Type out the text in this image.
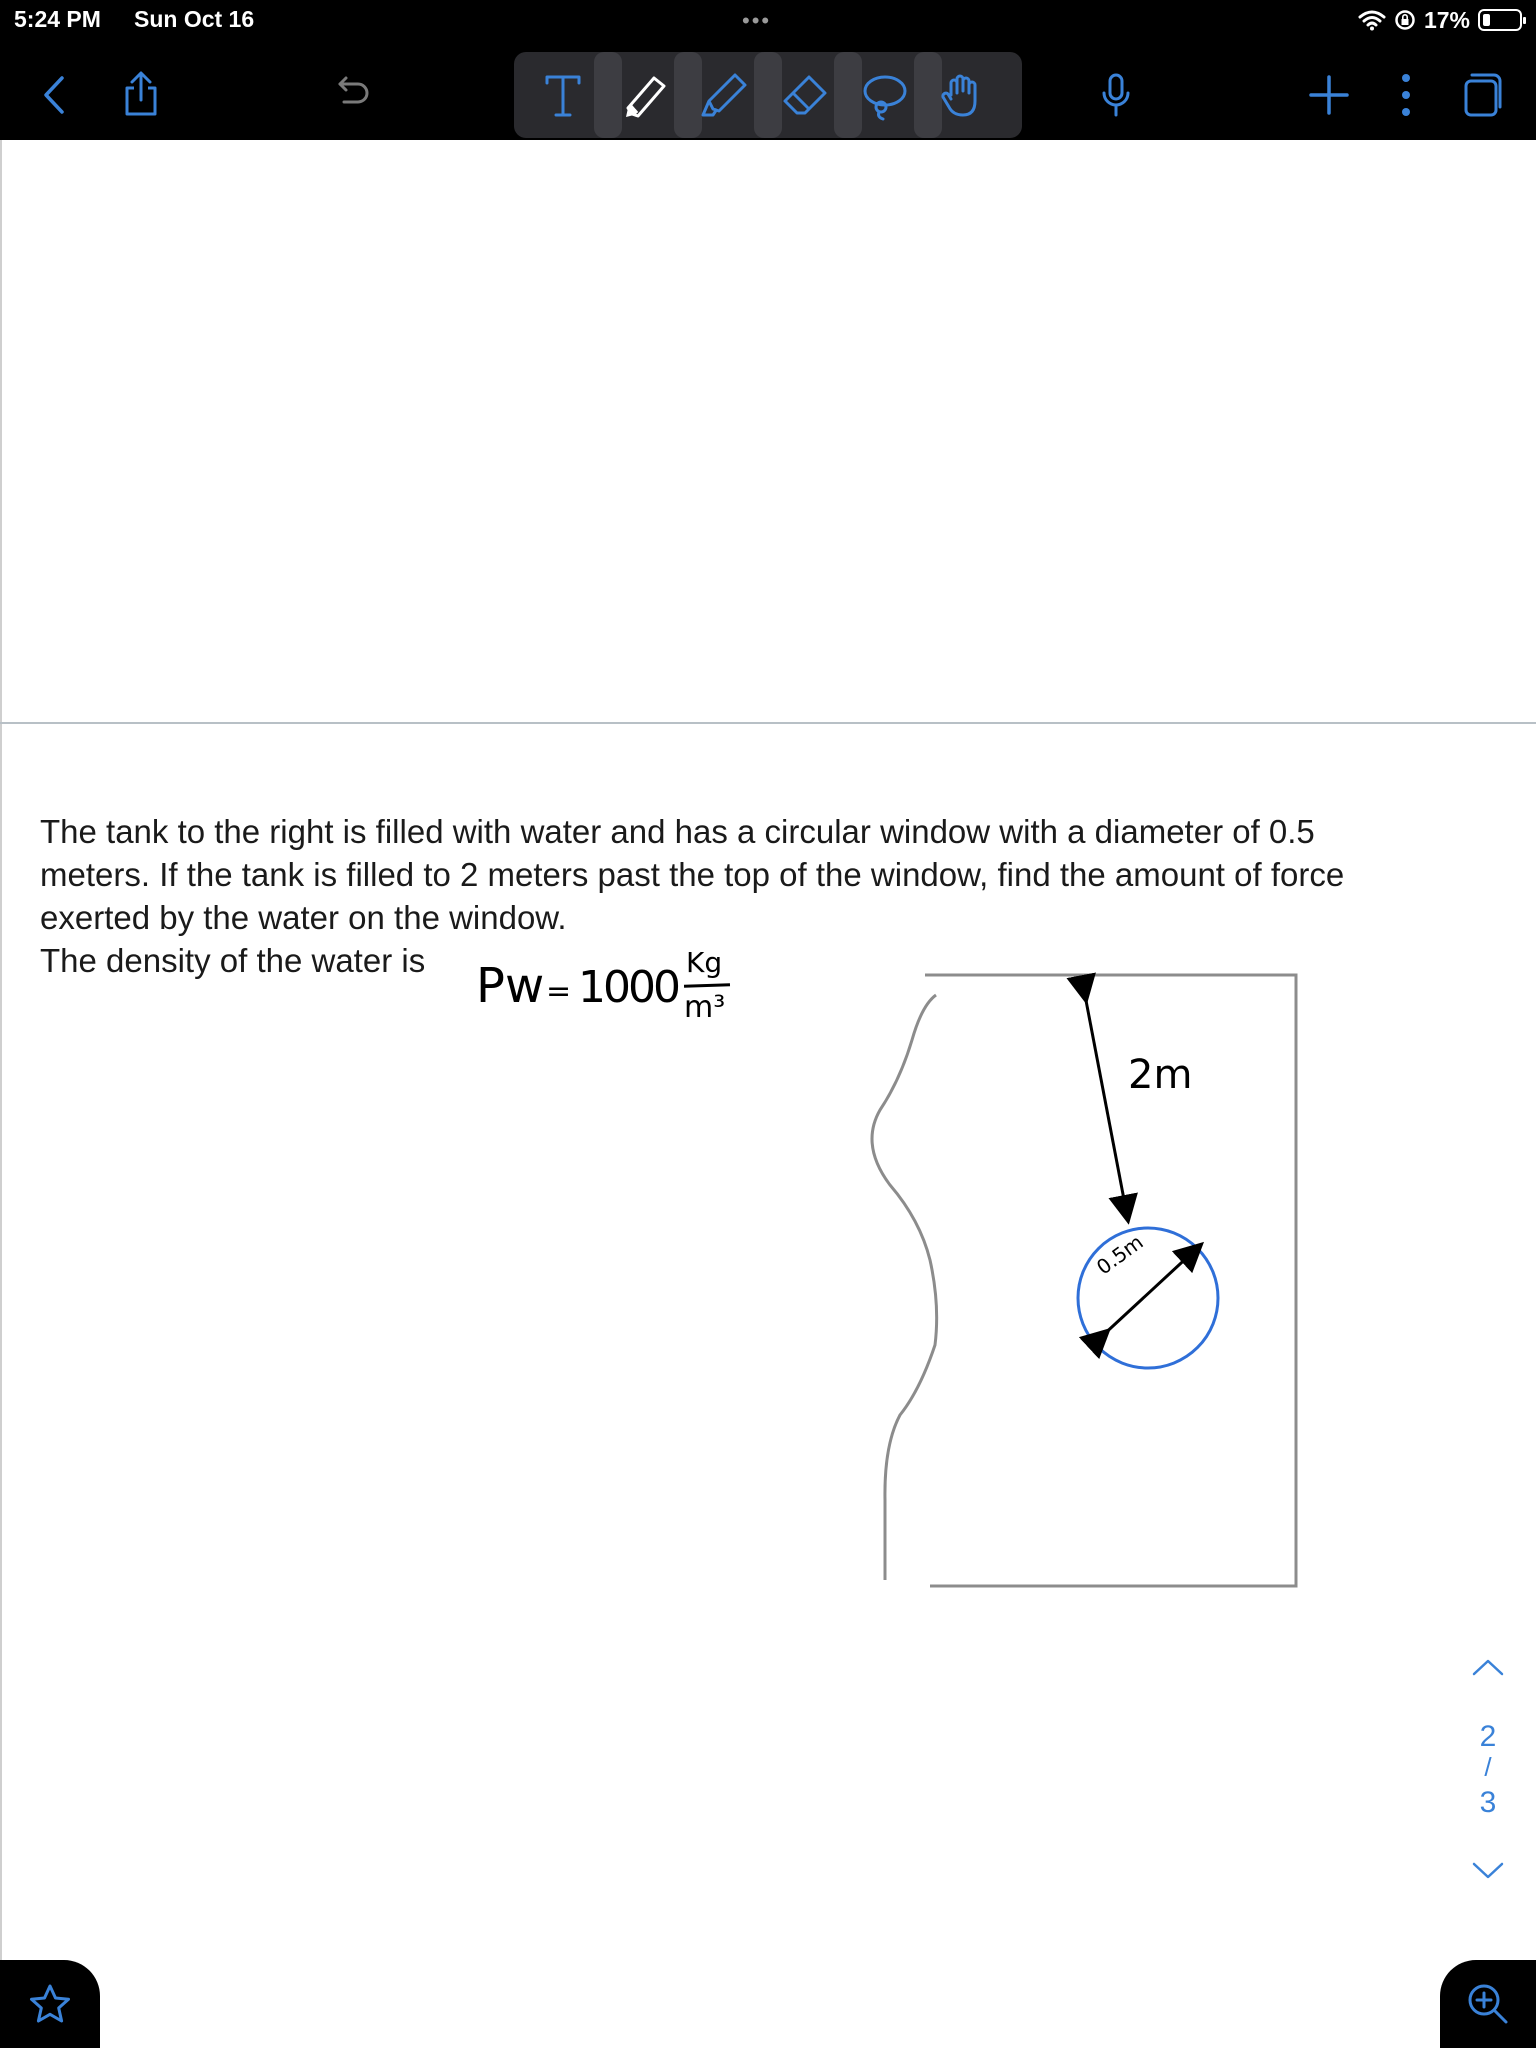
5:24 PM Sun Oct 16	•••	17%

The tank to the right is filled with water and has a circular window with a diameter of 0.5
meters. If the tank is filled to 2 meters past the top of the window, find the amount of force
exerted by the water on the window.

The density of the water is	Pw = 1000 Kg
m³
2m
0.5m
2
/
3
